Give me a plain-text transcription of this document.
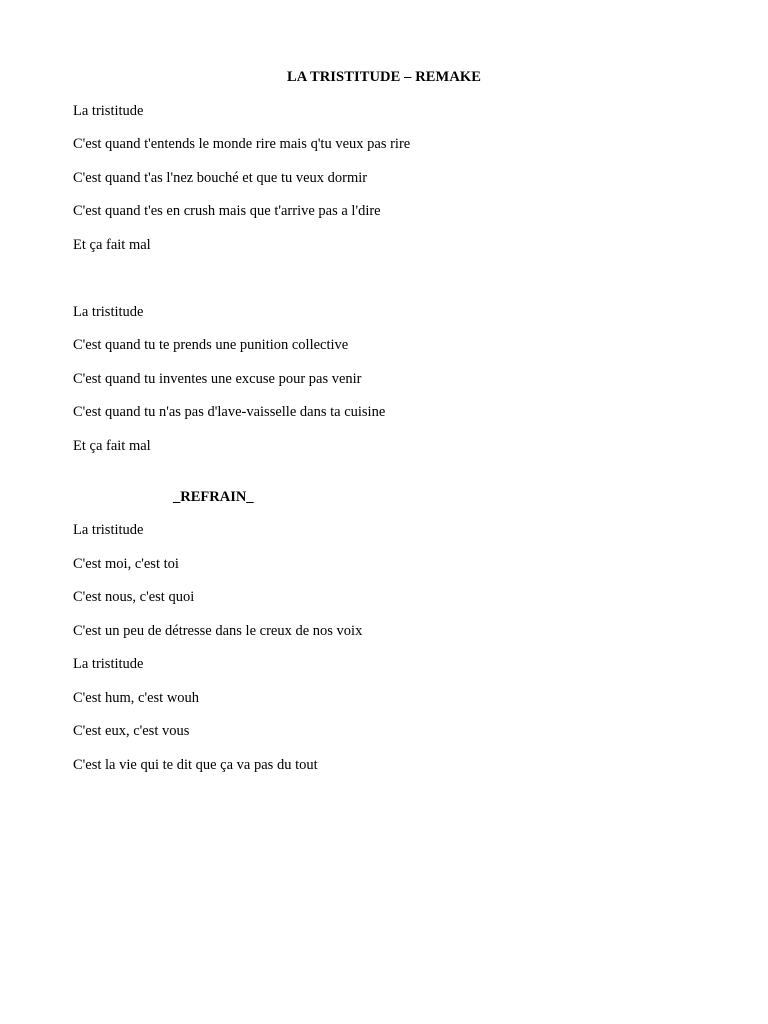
LA TRISTITUDE – REMAKE
La tristitude
C'est quand t'entends le monde rire mais q'tu veux pas rire
C'est quand t'as l'nez bouché et que tu veux dormir
C'est quand t'es en crush mais que t'arrive pas a l'dire
Et ça fait mal
La tristitude
C'est quand tu te prends une punition collective
C'est quand tu inventes une excuse pour pas venir
C'est quand tu n'as pas d'lave-vaisselle dans ta cuisine
Et ça fait mal
_REFRAIN_
La tristitude
C'est moi, c'est toi
C'est nous, c'est quoi
C'est un peu de détresse dans le creux de nos voix
La tristitude
C'est hum, c'est wouh
C'est eux, c'est vous
C'est la vie qui te dit que ça va pas du tout
